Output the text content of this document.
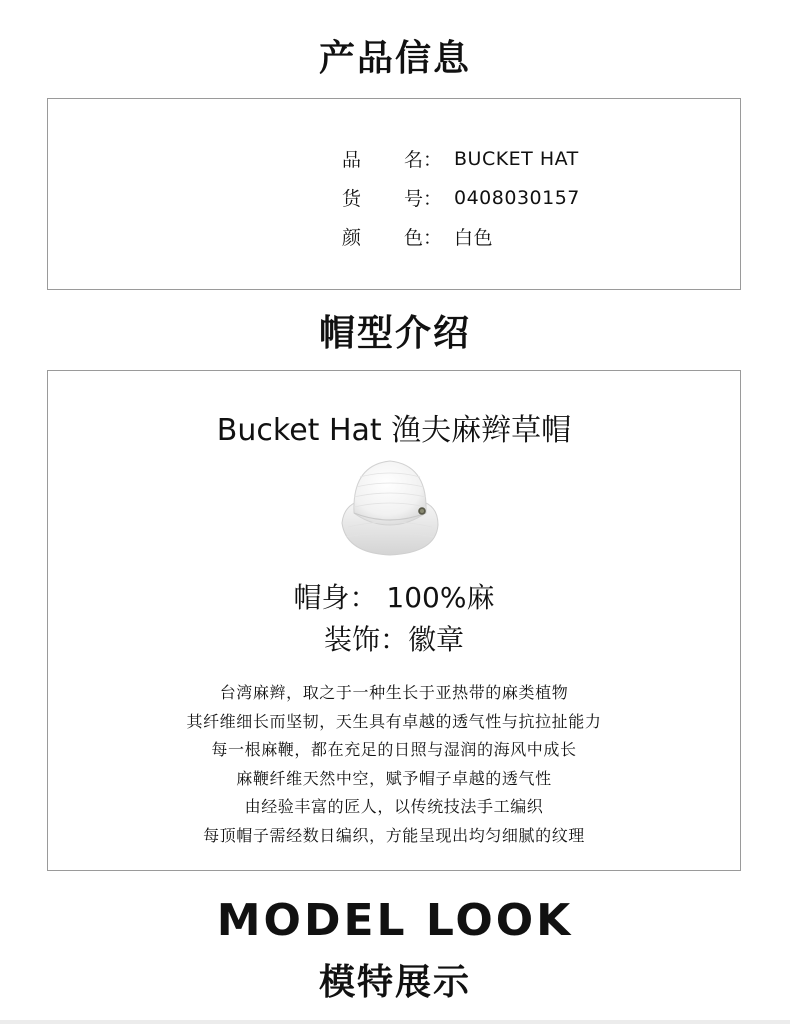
产品信息
品 名： BUCKET HAT
货 号： 0408030157
颜 色： 白色
帽型介绍
Bucket Hat 渔夫麻辫草帽
帽身： 100%麻
装饰：徽章
台湾麻辫，取之于一种生长于亚热带的麻类植物
其纤维细长而坚韧，天生具有卓越的透气性与抗拉扯能力
每一根麻鞭，都在充足的日照与湿润的海风中成长
麻鞭纤维天然中空，赋予帽子卓越的透气性
由经验丰富的匠人，以传统技法手工编织
每顶帽子需经数日编织，方能呈现出均匀细腻的纹理
MODEL LOOK
模特展示
